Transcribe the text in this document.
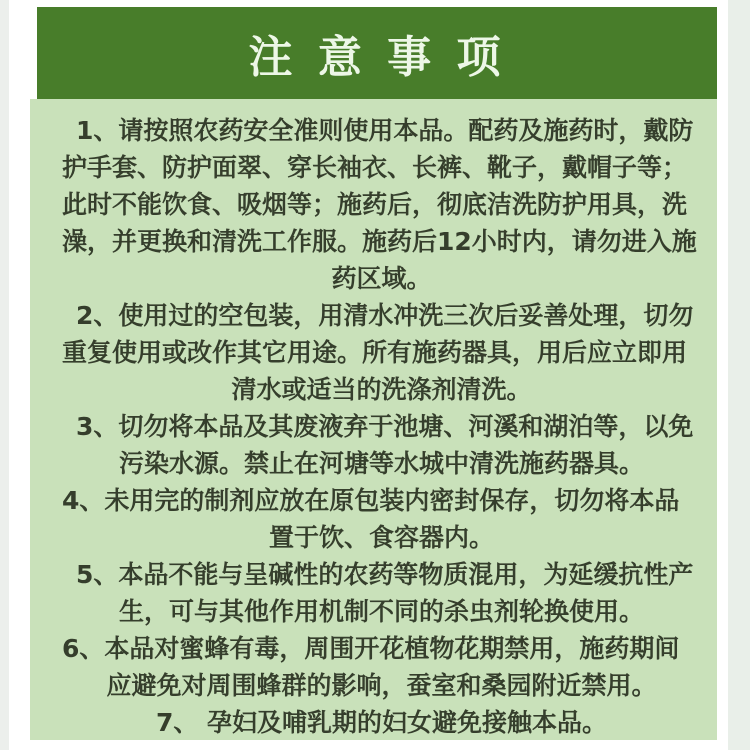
注 意 事 项
1、请按照农药安全准则使用本品。配药及施药时，戴防
护手套、防护面翠、穿长袖衣、长裤、靴子，戴帽子等；
此时不能饮食、吸烟等；施药后，彻底洁洗防护用具，洗
澡，并更换和清洗工作服。施药后12小时内，请勿进入施
药区域。
2、使用过的空包装，用清水冲洗三次后妥善处理，切勿
重复使用或改作其它用途。所有施药器具，用后应立即用
清水或适当的洗涤剂清洗。
3、切勿将本品及其废液弃于池塘、河溪和湖泊等，以免
污染水源。禁止在河塘等水城中清洗施药器具。
4、未用完的制剂应放在原包装内密封保存，切勿将本品
置于饮、食容器内。
5、本品不能与呈碱性的农药等物质混用，为延缓抗性产
生，可与其他作用机制不同的杀虫剂轮换使用。
6、本品对蜜蜂有毒，周围开花植物花期禁用，施药期间
应避免对周围蜂群的影响，蚕室和桑园附近禁用。
7、 孕妇及哺乳期的妇女避免接触本品。
